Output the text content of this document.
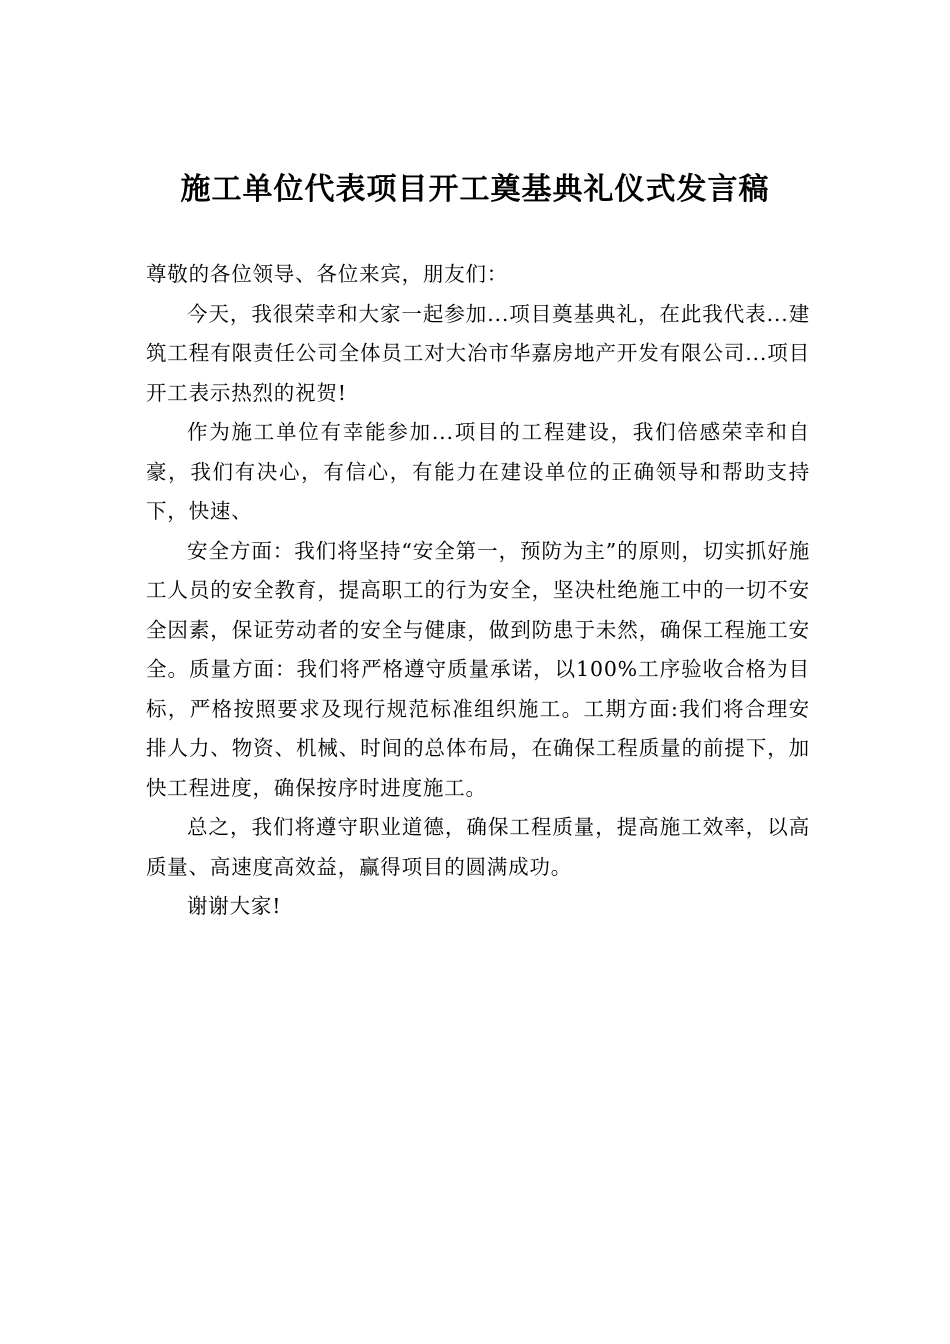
施工单位代表项目开工奠基典礼仪式发言稿

尊敬的各位领导、各位来宾，朋友们：

今天，我很荣幸和大家一起参加...项目奠基典礼，在此我代表...建筑工程有限责任公司全体员工对大冶市华嘉房地产开发有限公司...项目开工表示热烈的祝贺!

作为施工单位有幸能参加...项目的工程建设，我们倍感荣幸和自豪，我们有决心，有信心，有能力在建设单位的正确领导和帮助支持下，快速、

安全方面：我们将坚持“安全第一，预防为主”的原则，切实抓好施工人员的安全教育，提高职工的行为安全，坚决杜绝施工中的一切不安全因素，保证劳动者的安全与健康，做到防患于未然，确保工程施工安全。质量方面：我们将严格遵守质量承诺，以100%工序验收合格为目标，严格按照要求及现行规范标准组织施工。工期方面:我们将合理安排人力、物资、机械、时间的总体布局，在确保工程质量的前提下，加快工程进度，确保按序时进度施工。

总之，我们将遵守职业道德，确保工程质量，提高施工效率，以高质量、高速度高效益，赢得项目的圆满成功。

谢谢大家!
